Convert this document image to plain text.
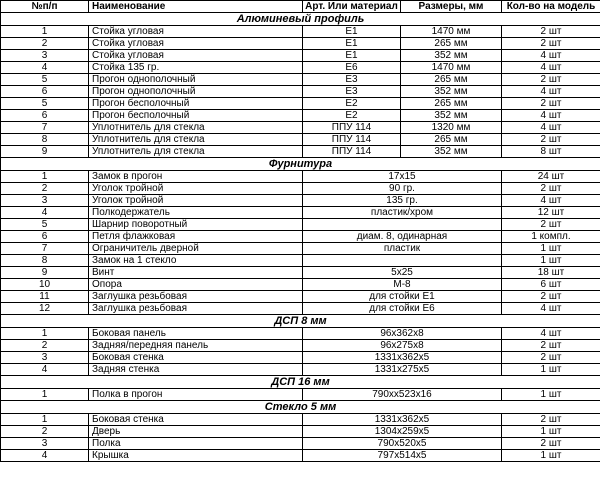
№п/п	Наименование	Арт. Или материал	Размеры, мм	Кол-во на модель
Алюминевый профиль				
1	Стойка угловая	Е1	1470 мм	2 шт
2	Стойка угловая	Е1	265 мм	2 шт
3	Стойка угловая	Е1	352 мм	4 шт
4	Стойка 135 гр.	Е6	1470 мм	4 шт
5	Прогон однополочный	Е3	265 мм	2 шт
6	Прогон однополочный	Е3	352 мм	4 шт
5	Прогон бесполочный	Е2	265 мм	2 шт
6	Прогон бесполочный	Е2	352 мм	4 шт
7	Уплотнитель для стекла	ППУ 114	1320 мм	4 шт
8	Уплотнитель для стекла	ППУ 114	265 мм	2 шт
9	Уплотнитель для стекла	ППУ 114	352 мм	8 шт
Фурнитура				
1	Замок в прогон	17х15		24 шт
2	Уголок тройной	90 гр.		2 шт
3	Уголок тройной	135 гр.		4 шт
4	Полкодержатель	пластик/хром		12 шт
5	Шарнир поворотный			2 шт
6	Петля флажковая	диам. 8, одинарная		1 компл.
7	Ограничитель дверной	пластик		1 шт
8	Замок на 1 стекло			1 шт
9	Винт	5х25		18 шт
10	Опора	М-8		6 шт
11	Заглушка резьбовая	для стойки Е1		2 шт
12	Заглушка резьбовая	для стойки Е6		4 шт
ДСП 8 мм				
1	Боковая панель	96х362х8		4 шт
2	Задняя/передняя панель	96х275х8		2 шт
3	Боковая стенка	1331х362х5		2 шт
4	Задняя стенка	1331х275х5		1 шт
ДСП 16 мм				
1	Полка в прогон	790хх523х16		1 шт
Стекло 5 мм				
1	Боковая стенка	1331х362х5		2 шт
2	Дверь	1304х259х5		1 шт
3	Полка	790х520х5		2 шт
4	Крышка	797х514х5		1 шт
